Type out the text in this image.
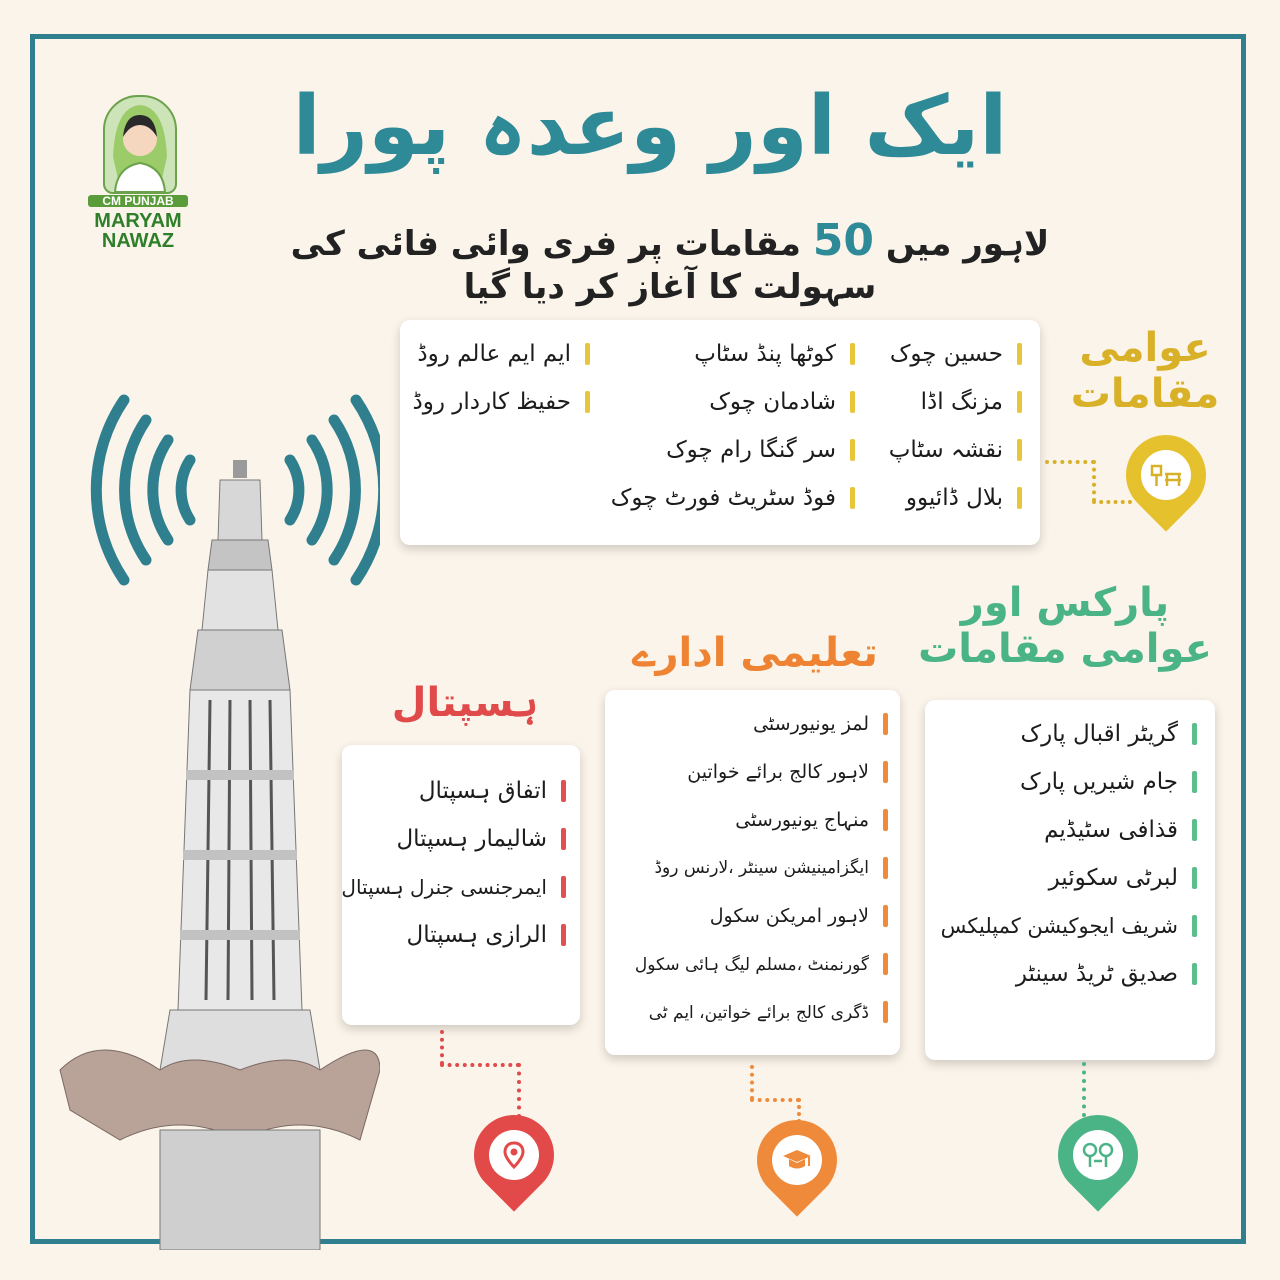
CM PUNJAB
MARYAM
NAWAZ
ایک اور وعدہ پورا
لاہور میں 50 مقامات پر فری وائی فائی کی سہولت کا آغاز کر دیا گیا
حسین چوک
مزنگ اڈا
نقشہ سٹاپ
بلال ڈائیوو
کوٹھا پنڈ سٹاپ
شادمان چوک
سر گنگا رام چوک
فوڈ سٹریٹ فورٹ چوک
ایم ایم عالم روڈ
حفیظ کاردار روڈ
عوامی
مقامات
پارکس اور
عوامی مقامات
گریٹر اقبال پارک
جام شیریں پارک
قذافی سٹیڈیم
لبرٹی سکوئیر
شریف ایجوکیشن کمپلیکس
صدیق ٹریڈ سینٹر
تعلیمی ادارے
لمز یونیورسٹی
لاہور کالج برائے خواتین
منہاج یونیورسٹی
ایگزامینیشن سینٹر ،لارنس روڈ
لاہور امریکن سکول
گورنمنٹ ،مسلم لیگ ہائی سکول
ڈگری کالج برائے خواتین، ایم ٹی
ہسپتال
اتفاق ہسپتال
شالیمار ہسپتال
ایمرجنسی جنرل ہسپتال
الرازی ہسپتال
